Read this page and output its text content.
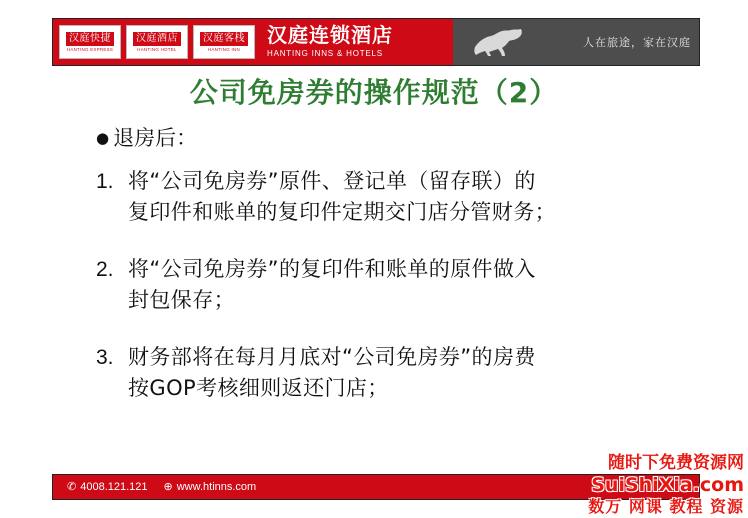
汉庭快捷
HANTING EXPRESS
汉庭酒店
HANTING HOTEL
汉庭客栈
HANTING INN
汉庭连锁酒店
HANTING INNS & HOTELS
人在旅途，家在汉庭
公司免房券的操作规范（2）
● 退房后：
1. 将“公司免房券”原件、登记单（留存联）的
复印件和账单的复印件定期交门店分管财务；
2. 将“公司免房券”的复印件和账单的原件做入
封包保存；
3. 财务部将在每月月底对“公司免房券”的房费
按GOP考核细则返还门店；
✆ 4008.121.121 ⊕ www.htinns.com
随时下免费资源网
SuiShiXia.com
数万 网课 教程 资源
